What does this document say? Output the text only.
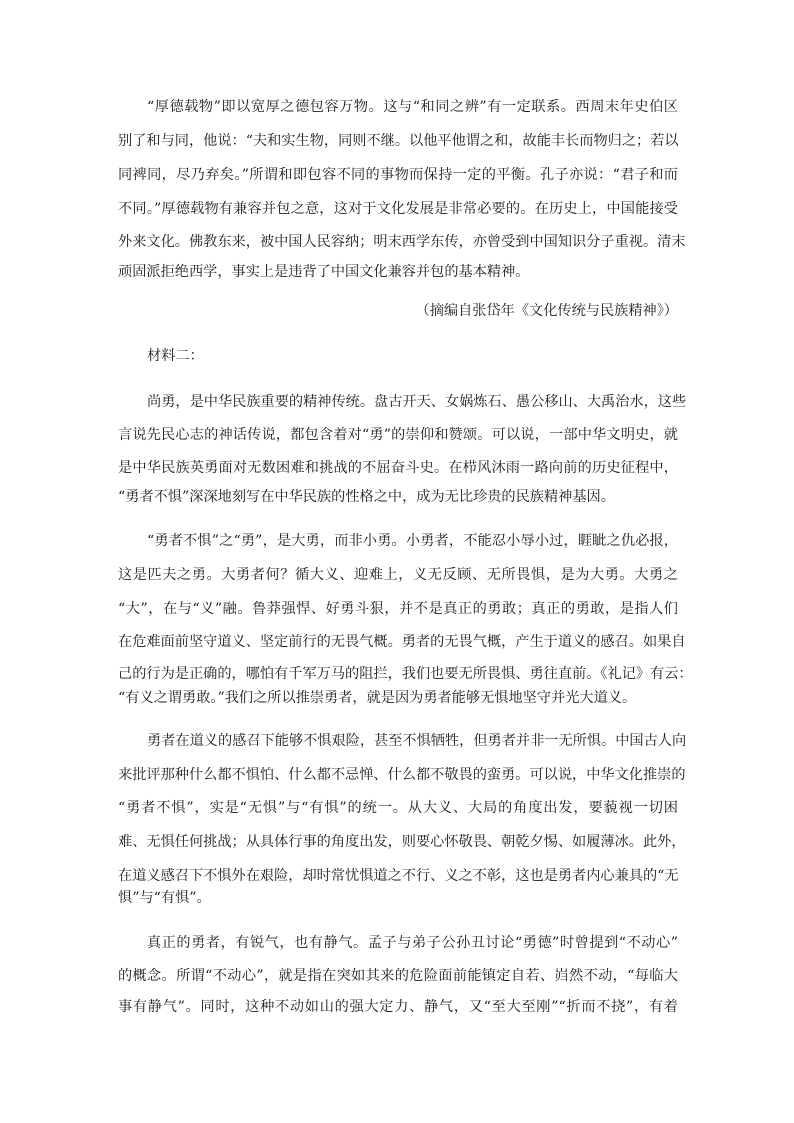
“厚德载物”即以宽厚之德包容万物。这与“和同之辨”有一定联系。西周末年史伯区
别了和与同，他说：“夫和实生物，同则不继。以他平他谓之和，故能丰长而物归之；若以
同裨同，尽乃弃矣。”所谓和即包容不同的事物而保持一定的平衡。孔子亦说：“君子和而
不同。”厚德载物有兼容并包之意，这对于文化发展是非常必要的。在历史上，中国能接受
外来文化。佛教东来，被中国人民容纳；明末西学东传，亦曾受到中国知识分子重视。清末
顽固派拒绝西学，事实上是违背了中国文化兼容并包的基本精神。
（摘编自张岱年《文化传统与民族精神》）
材料二：
尚勇，是中华民族重要的精神传统。盘古开天、女娲炼石、愚公移山、大禹治水，这些
言说先民心志的神话传说，都包含着对“勇”的崇仰和赞颂。可以说，一部中华文明史，就
是中华民族英勇面对无数困难和挑战的不屈奋斗史。在栉风沐雨一路向前的历史征程中，
“勇者不惧”深深地刻写在中华民族的性格之中，成为无比珍贵的民族精神基因。
“勇者不惧”之“勇”，是大勇，而非小勇。小勇者，不能忍小辱小过，睚眦之仇必报，
这是匹夫之勇。大勇者何？循大义、迎难上，义无反顾、无所畏惧，是为大勇。大勇之
“大”，在与“义”融。鲁莽强悍、好勇斗狠，并不是真正的勇敢；真正的勇敢，是指人们
在危难面前坚守道义、坚定前行的无畏气概。勇者的无畏气概，产生于道义的感召。如果自
己的行为是正确的，哪怕有千军万马的阻拦，我们也要无所畏惧、勇往直前。《礼记》有云：
“有义之谓勇敢。”我们之所以推崇勇者，就是因为勇者能够无惧地坚守并光大道义。
勇者在道义的感召下能够不惧艰险，甚至不惧牺牲，但勇者并非一无所惧。中国古人向
来批评那种什么都不惧怕、什么都不忌惮、什么都不敬畏的蛮勇。可以说，中华文化推崇的
“勇者不惧”，实是“无惧”与“有惧”的统一。从大义、大局的角度出发，要藐视一切困
难、无惧任何挑战；从具体行事的角度出发，则要心怀敬畏、朝乾夕惕、如履薄冰。此外，
在道义感召下不惧外在艰险，却时常忧惧道之不行、义之不彰，这也是勇者内心兼具的“无
惧”与“有惧”。
真正的勇者，有锐气，也有静气。孟子与弟子公孙丑讨论“勇德”时曾提到“不动心”
的概念。所谓“不动心”，就是指在突如其来的危险面前能镇定自若、岿然不动，“每临大
事有静气”。同时，这种不动如山的强大定力、静气，又“至大至刚”“折而不挠”，有着
